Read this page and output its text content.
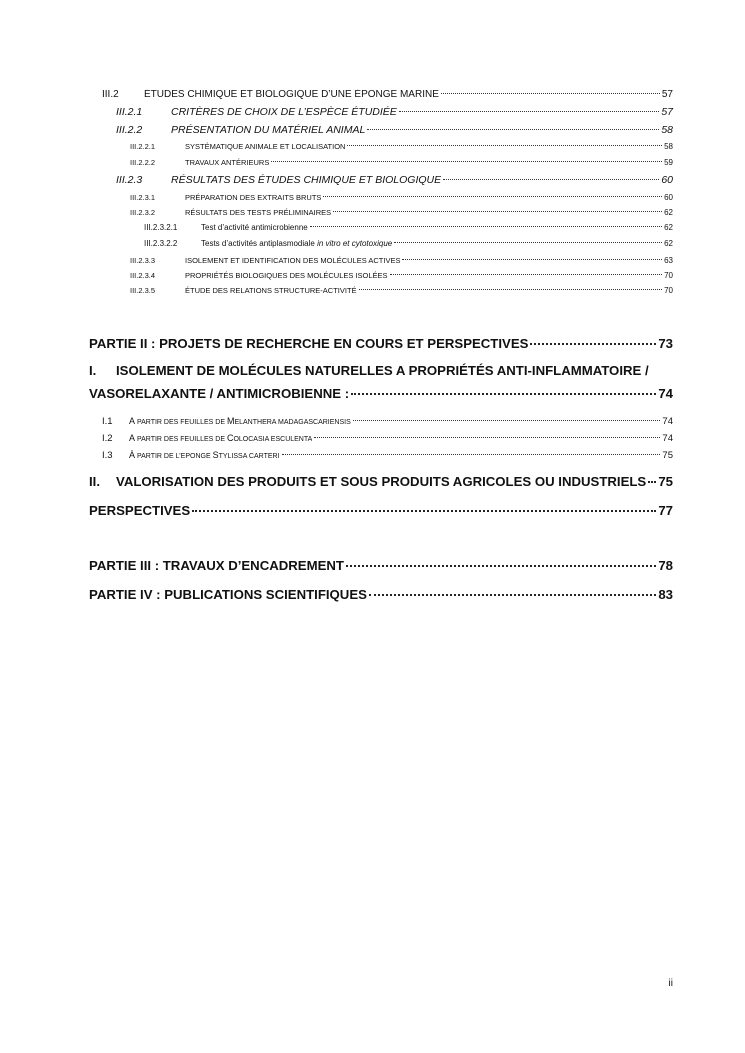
III.2	ÉTUDES CHIMIQUE ET BIOLOGIQUE D’UNE ÉPONGE MARINE	57
III.2.1	CRITÈRES DE CHOIX DE L’ESPÈCE ÉTUDIÉE	57
III.2.2	PRÉSENTATION DU MATÉRIEL ANIMAL	58
III.2.2.1	SYSTÉMATIQUE ANIMALE ET LOCALISATION	58
III.2.2.2	TRAVAUX ANTÉRIEURS	59
III.2.3	RÉSULTATS DES ÉTUDES CHIMIQUE ET BIOLOGIQUE	60
III.2.3.1	PRÉPARATION DES EXTRAITS BRUTS	60
III.2.3.2	RÉSULTATS DES TESTS PRÉLIMINAIRES	62
III.2.3.2.1	Test d’activité antimicrobienne	62
III.2.3.2.2	Tests d’activités antiplasmodiale in vitro et cytotoxique	62
III.2.3.3	ISOLEMENT ET IDENTIFICATION DES MOLÉCULES ACTIVES	63
III.2.3.4	PROPRIÉTÉS BIOLOGIQUES DES MOLÉCULES ISOLÉES	70
III.2.3.5	ÉTUDE DES RELATIONS STRUCTURE-ACTIVITÉ	70
PARTIE II : PROJETS DE RECHERCHE EN COURS ET PERSPECTIVES	73
I. ISOLEMENT DE MOLÉCULES NATURELLES A PROPRIÉTÉS ANTI-INFLAMMATOIRE /
VASORELAXANTE / ANTIMICROBIENNE :	74
I.1	A PARTIR DES FEUILLES DE MELANTHERA MADAGASCARIENSIS	74
I.2	A PARTIR DES FEUILLES DE COLOCASIA ESCULENTA	74
I.3	À PARTIR DE L’EPONGE STYLISSA CARTERI	75
II.	VALORISATION DES PRODUITS ET SOUS PRODUITS AGRICOLES OU INDUSTRIELS 75
PERSPECTIVES	77
PARTIE III : TRAVAUX D’ENCADREMENT	78
PARTIE IV : PUBLICATIONS SCIENTIFIQUES	83
ii
